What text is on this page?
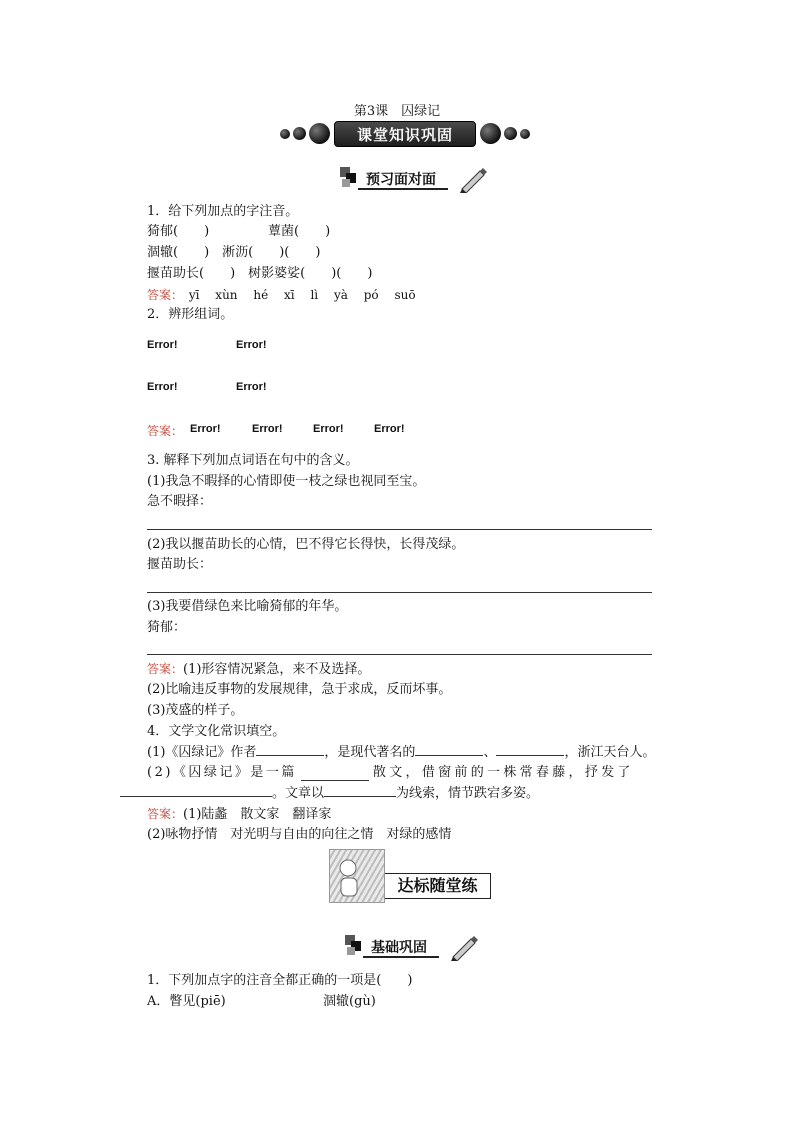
第3课　囚绿记
课堂知识巩固
预习面对面
1．给下列加点的字注音。
猗郁(　　)	蕈菌(　　)
涸辙(　　)　淅沥(　　)(　　)
揠苗助长(　　)　树影婆娑(　　)(　　)
答案： yī xùn hé xī lì yà pó suō
2．辨形组词。
Error!	Error!
Error!	Error!
答案： Error!	Error!	Error!	Error!
3. 解释下列加点词语在句中的含义。
(1)我急不暇择的心情即使一枝之绿也视同至宝。
急不暇择：
(2)我以揠苗助长的心情，巴不得它长得快，长得茂绿。
揠苗助长：
(3)我要借绿色来比喻猗郁的年华。
猗郁：
答案：(1)形容情况紧急，来不及选择。
(2)比喻违反事物的发展规律，急于求成，反而坏事。
(3)茂盛的样子。
4．文学文化常识填空。
(1)《囚绿记》作者	，是现代著名的	、	，浙江天台人。
(2)《囚绿记》是一篇	散文，借窗前的一株常春藤，抒发了
。文章以	为线索，情节跌宕多姿。
答案：(1)陆蠡　散文家　翻译家
(2)咏物抒情　对光明与自由的向往之情　对绿的感情
达标随堂练
基础巩固
1．下列加点字的注音全都正确的一项是(　　)
A．瞥见(piē)	涸辙(gù)
